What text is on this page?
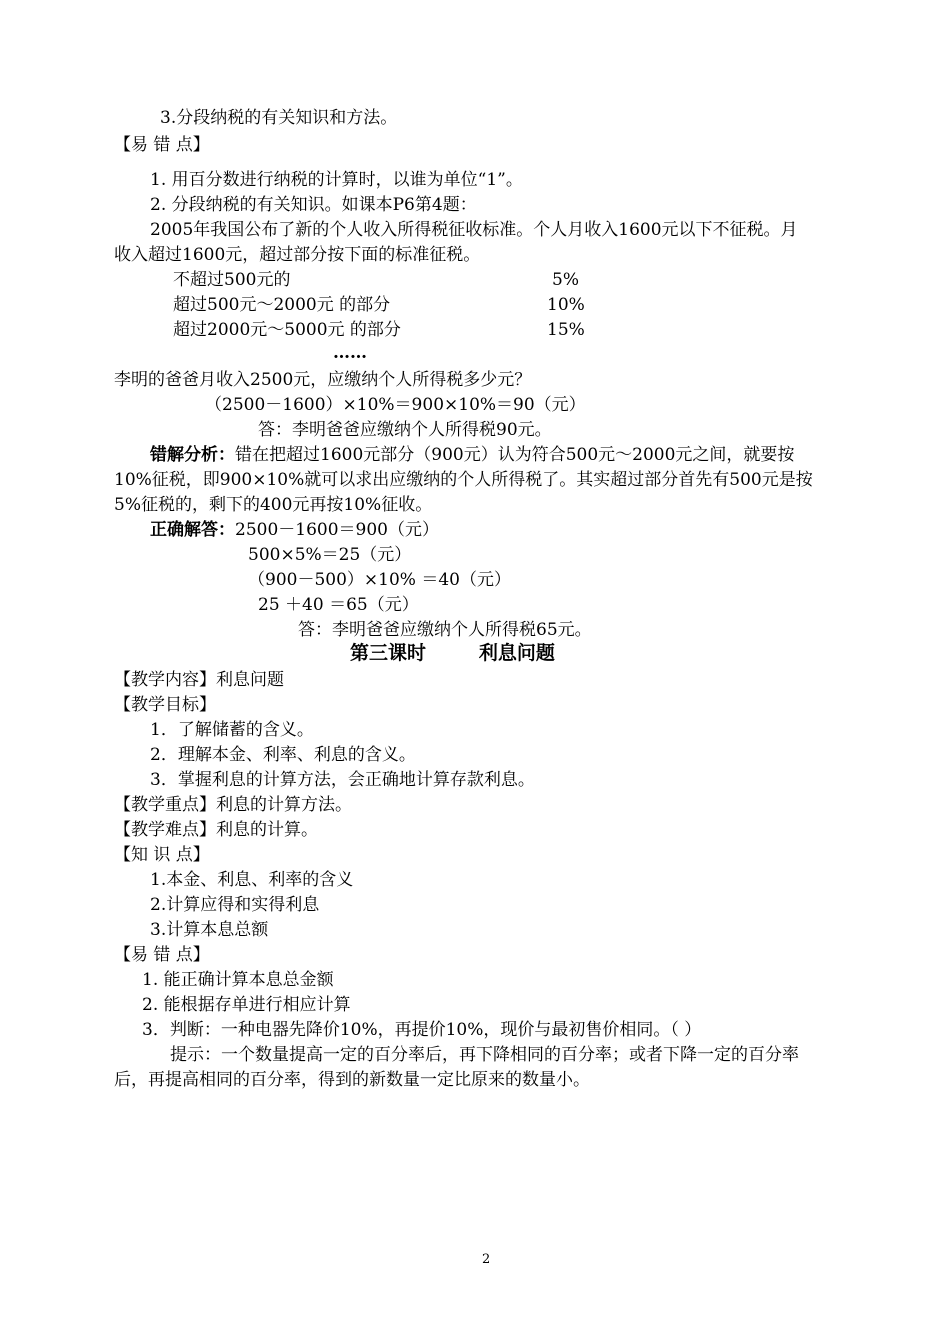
3.分段纳税的有关知识和方法。
【易 错 点】
1. 用百分数进行纳税的计算时，以谁为单位“1”。
2. 分段纳税的有关知识。如课本P6第4题：
2005年我国公布了新的个人收入所得税征收标准。个人月收入1600元以下不征税。月
收入超过1600元，超过部分按下面的标准征税。
不超过500元的	5%
超过500元～2000元 的部分	10%
超过2000元～5000元 的部分	15%
……
李明的爸爸月收入2500元，应缴纳个人所得税多少元？
（2500－1600）×10%＝900×10%＝90（元）
答：李明爸爸应缴纳个人所得税90元。
错解分析：错在把超过1600元部分（900元）认为符合500元～2000元之间，就要按
10%征税，即900×10%就可以求出应缴纳的个人所得税了。其实超过部分首先有500元是按
5%征税的，剩下的400元再按10%征收。
正确解答：2500－1600＝900（元）
500×5%＝25（元）
（900－500）×10% ＝40（元）
25 ＋40 ＝65（元）
答：李明爸爸应缴纳个人所得税65元。
第三课时        利息问题
【教学内容】利息问题
【教学目标】
1．了解储蓄的含义。
2．理解本金、利率、利息的含义。
3．掌握利息的计算方法，会正确地计算存款利息。
【教学重点】利息的计算方法。
【教学难点】利息的计算。
【知 识 点】
1.本金、利息、利率的含义
2.计算应得和实得利息
3.计算本息总额
【易 错 点】
1. 能正确计算本息总金额
2. 能根据存单进行相应计算
3．判断：一种电器先降价10%，再提价10%，现价与最初售价相同。（ ）
提示：一个数量提高一定的百分率后，再下降相同的百分率；或者下降一定的百分率
后，再提高相同的百分率，得到的新数量一定比原来的数量小。
2
